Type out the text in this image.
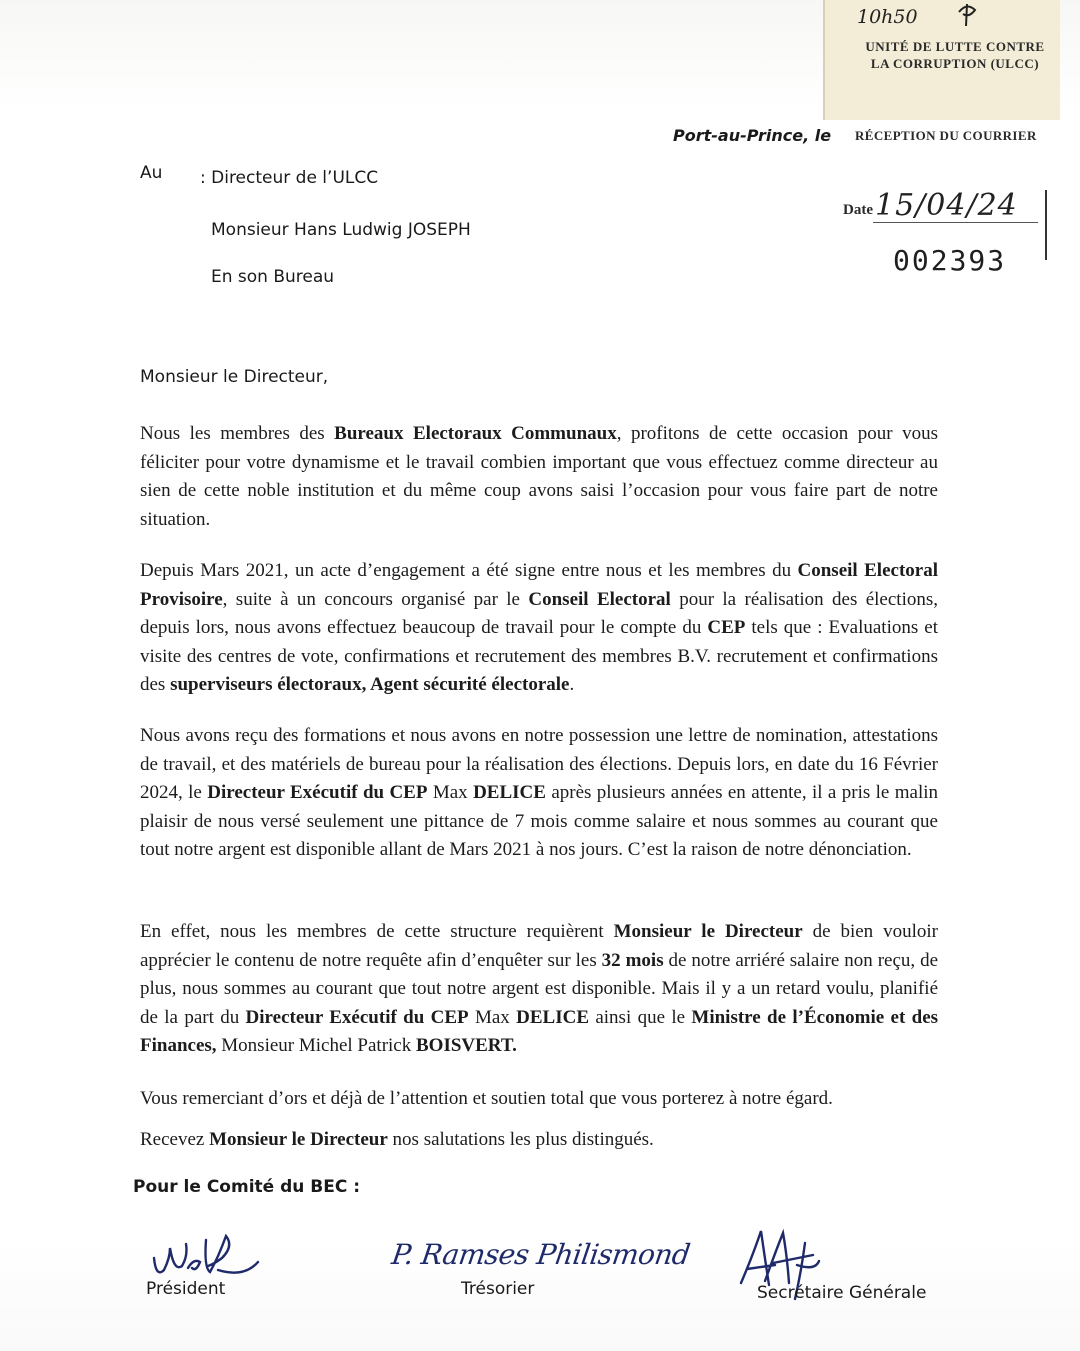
10h50
UNITÉ DE LUTTE CONTRE
LA CORRUPTION (ULCC)
RÉCEPTION DU COURRIER
Date 15/04/24
002393
Port-au-Prince, le
Au : Directeur de l’ULCC
Monsieur Hans Ludwig JOSEPH
En son Bureau
Monsieur le Directeur,
Nous les membres des Bureaux Electoraux Communaux, profitons de cette occasion pour vous féliciter pour votre dynamisme et le travail combien important que vous effectuez comme directeur au sien de cette noble institution et du même coup avons saisi l’occasion pour vous faire part de notre situation.
Depuis Mars 2021, un acte d’engagement a été signe entre nous et les membres du Conseil Electoral Provisoire, suite à un concours organisé par le Conseil Electoral pour la réalisation des élections, depuis lors, nous avons effectuez beaucoup de travail pour le compte du CEP tels que : Evaluations et visite des centres de vote, confirmations et recrutement des membres B.V. recrutement et confirmations des superviseurs électoraux, Agent sécurité électorale.
Nous avons reçu des formations et nous avons en notre possession une lettre de nomination, attestations de travail, et des matériels de bureau pour la réalisation des élections. Depuis lors, en date du 16 Février 2024, le Directeur Exécutif du CEP Max DELICE après plusieurs années en attente, il a pris le malin plaisir de nous versé seulement une pittance de 7 mois comme salaire et nous sommes au courant que tout notre argent est disponible allant de Mars 2021 à nos jours. C’est la raison de notre dénonciation.
En effet, nous les membres de cette structure requièrent Monsieur le Directeur de bien vouloir apprécier le contenu de notre requête afin d’enquêter sur les 32 mois de notre arriéré salaire non reçu, de plus, nous sommes au courant que tout notre argent est disponible. Mais il y a un retard voulu, planifié de la part du Directeur Exécutif du CEP Max DELICE ainsi que le Ministre de l’Économie et des Finances, Monsieur Michel Patrick BOISVERT.
Vous remerciant d’ors et déjà de l’attention et soutien total que vous porterez à notre égard.
Recevez Monsieur le Directeur nos salutations les plus distingués.
Pour le Comité du BEC :
Président
P. Ramses Philismond
Trésorier	Secrétaire Générale
